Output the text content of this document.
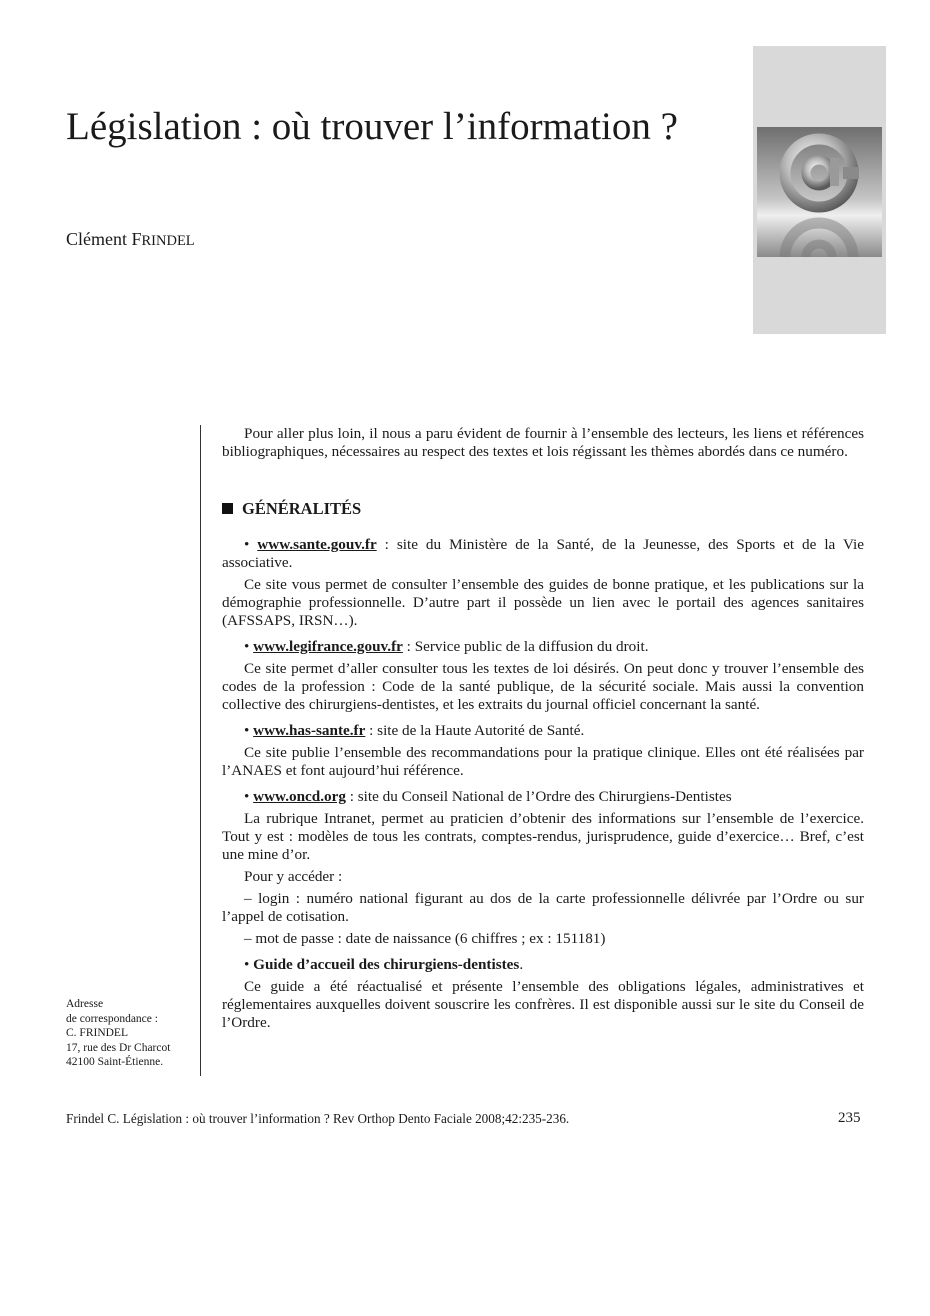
Législation : où trouver l’information ?
Clément FRINDEL
Adresse
de correspondance :
C. FRINDEL
17, rue des Dr Charcot
42100 Saint-Étienne.

Pour aller plus loin, il nous a paru évident de fournir à l’ensemble des lecteurs, les liens et références bibliographiques, nécessaires au respect des textes et lois régissant les thèmes abordés dans ce numéro.

GÉNÉRALITÉS

• www.sante.gouv.fr : site du Ministère de la Santé, de la Jeunesse, des Sports et de la Vie associative.

Ce site vous permet de consulter l’ensemble des guides de bonne pratique, et les publications sur la démographie professionnelle. D’autre part il possède un lien avec le portail des agences sanitaires (AFSSAPS, IRSN…).

• www.legifrance.gouv.fr : Service public de la diffusion du droit.

Ce site permet d’aller consulter tous les textes de loi désirés. On peut donc y trouver l’ensemble des codes de la profession : Code de la santé publique, de la sécurité sociale. Mais aussi la convention collective des chirurgiens-dentistes, et les extraits du journal officiel concernant la santé.

• www.has-sante.fr : site de la Haute Autorité de Santé.

Ce site publie l’ensemble des recommandations pour la pratique clinique. Elles ont été réalisées par l’ANAES et font aujourd’hui référence.

• www.oncd.org : site du Conseil National de l’Ordre des Chirurgiens-Dentistes

La rubrique Intranet, permet au praticien d’obtenir des informations sur l’ensemble de l’exercice. Tout y est : modèles de tous les contrats, comptes-rendus, jurisprudence, guide d’exercice… Bref, c’est une mine d’or.

Pour y accéder :

– login : numéro national figurant au dos de la carte professionnelle délivrée par l’Ordre ou sur l’appel de cotisation.

– mot de passe : date de naissance (6 chiffres ; ex : 151181)

• Guide d’accueil des chirurgiens-dentistes.

Ce guide a été réactualisé et présente l’ensemble des obligations légales, administratives et réglementaires auxquelles doivent souscrire les confrères. Il est disponible aussi sur le site du Conseil de l’Ordre.

Frindel C. Législation : où trouver l’information ? Rev Orthop Dento Faciale 2008;42:235-236.	235
